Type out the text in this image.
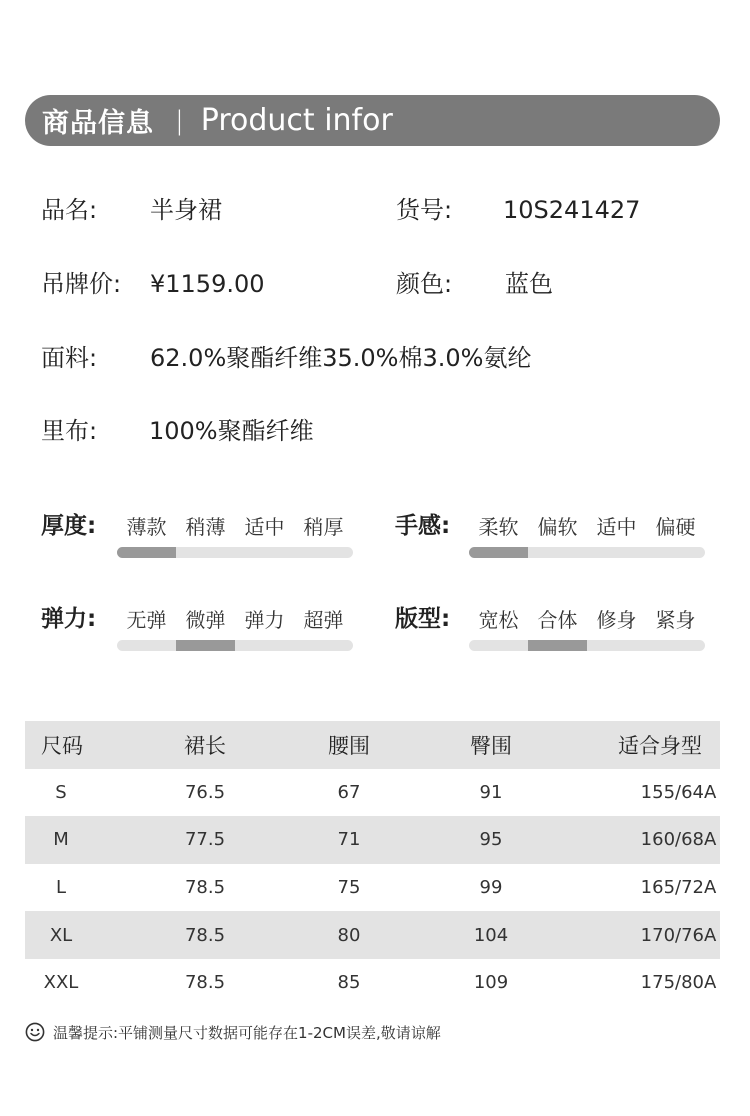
商品信息 | Product infor
品名: 半身裙	货号: 10S241427
吊牌价: ¥1159.00	颜色: 蓝色
面料: 62.0%聚酯纤维35.0%棉3.0%氨纶
里布: 100%聚酯纤维
厚度:	薄款 稍薄 适中 稍厚	手感:	柔软 偏软 适中 偏硬
弹力:	无弹 微弹 弹力 超弹	版型:	宽松 合体 修身 紧身
尺码	裙长	腰围	臀围	适合身型
S	76.5	67	91	155/64A
M	77.5	71	95	160/68A
L	78.5	75	99	165/72A
XL	78.5	80	104	170/76A
XXL	78.5	85	109	175/80A
温馨提示:平铺测量尺寸数据可能存在1-2CM误差,敬请谅解
